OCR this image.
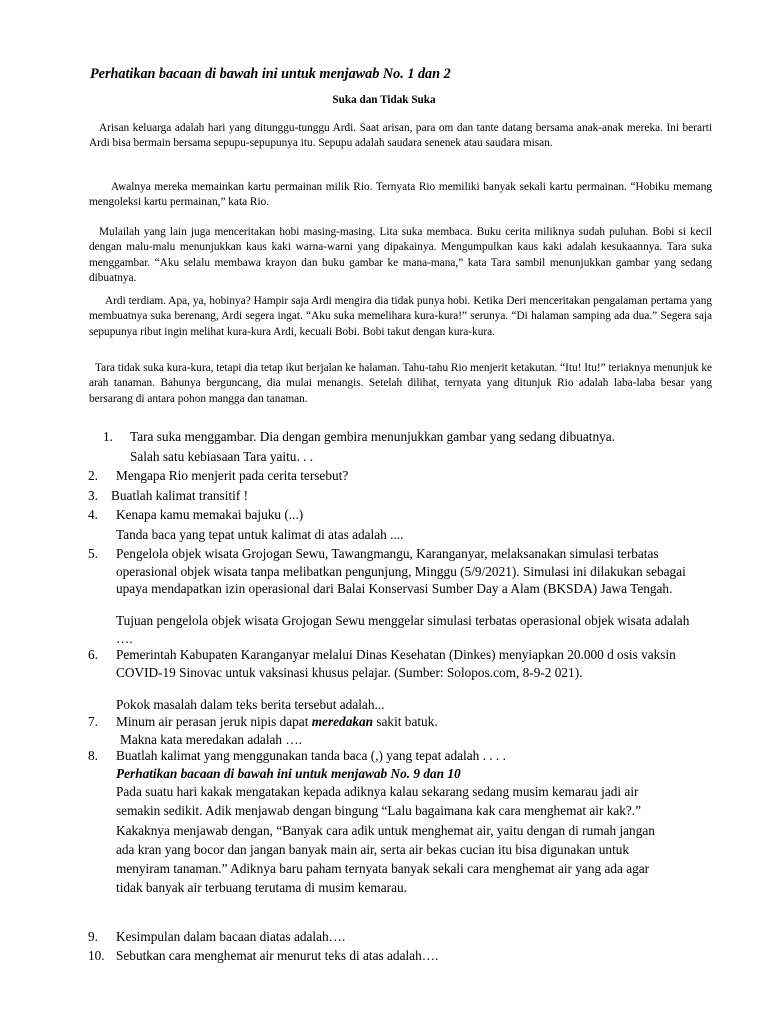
Perhatikan bacaan di bawah ini untuk menjawab No. 1 dan 2
Suka dan Tidak Suka

Arisan keluarga adalah hari yang ditunggu-tunggu Ardi. Saat arisan, para om dan tante datang bersama anak-anak mereka. Ini berarti Ardi bisa bermain bersama sepupu-sepupunya itu. Sepupu adalah saudara senenek atau saudara misan.

Awalnya mereka memainkan kartu permainan milik Rio. Ternyata Rio memiliki banyak sekali kartu permainan. “Hobiku memang mengoleksi kartu permainan,” kata Rio.

Mulailah yang lain juga menceritakan hobi masing-masing. Lita suka membaca. Buku cerita miliknya sudah puluhan. Bobi si kecil dengan malu-malu menunjukkan kaus kaki warna-warni yang dipakainya. Mengumpulkan kaus kaki adalah kesukaannya. Tara suka menggambar. “Aku selalu membawa krayon dan buku gambar ke mana-mana,” kata Tara sambil menunjukkan gambar yang sedang dibuatnya.

Ardi terdiam. Apa, ya, hobinya? Hampir saja Ardi mengira dia tidak punya hobi. Ketika Deri menceritakan pengalaman pertama yang membuatnya suka berenang, Ardi segera ingat. “Aku suka memelihara kura-kura!” serunya. “Di halaman samping ada dua.” Segera saja sepupunya ribut ingin melihat kura-kura Ardi, kecuali Bobi. Bobi takut dengan kura-kura.

Tara tidak suka kura-kura, tetapi dia tetap ikut berjalan ke halaman. Tahu-tahu Rio menjerit ketakutan. “Itu! Itu!” teriaknya menunjuk ke arah tanaman. Bahunya berguncang, dia mulai menangis. Setelah dilihat, ternyata yang ditunjuk Rio adalah laba-laba besar yang bersarang di antara pohon mangga dan tanaman.

1. Tara suka menggambar. Dia dengan gembira menunjukkan gambar yang sedang dibuatnya.
Salah satu kebiasaan Tara yaitu. . .
2. Mengapa Rio menjerit pada cerita tersebut?
3. Buatlah kalimat transitif !
4. Kenapa kamu memakai bajuku (...)
Tanda baca yang tepat untuk kalimat di atas adalah ....
5. Pengelola objek wisata Grojogan Sewu, Tawangmangu, Karanganyar, melaksanakan simulasi terbatas operasional objek wisata tanpa melibatkan pengunjung, Minggu (5/9/2021). Simulasi ini dilakukan sebagai upaya mendapatkan izin operasional dari Balai Konservasi Sumber Day a Alam (BKSDA) Jawa Tengah.
Tujuan pengelola objek wisata Grojogan Sewu menggelar simulasi terbatas operasional objek wisata adalah ….
6. Pemerintah Kabupaten Karanganyar melalui Dinas Kesehatan (Dinkes) menyiapkan 20.000 d osis vaksin COVID-19 Sinovac untuk vaksinasi khusus pelajar. (Sumber: Solopos.com, 8-9-2 021).
Pokok masalah dalam teks berita tersebut adalah...
7. Minum air perasan jeruk nipis dapat meredakan sakit batuk.
Makna kata meredakan adalah ….
8. Buatlah kalimat yang menggunakan tanda baca (,) yang tepat adalah . . . .
Perhatikan bacaan di bawah ini untuk menjawab No. 9 dan 10
Pada suatu hari kakak mengatakan kepada adiknya kalau sekarang sedang musim kemarau jadi air semakin sedikit. Adik menjawab dengan bingung “Lalu bagaimana kak cara menghemat air kak?.” Kakaknya menjawab dengan, “Banyak cara adik untuk menghemat air, yaitu dengan di rumah jangan ada kran yang bocor dan jangan banyak main air, serta air bekas cucian itu bisa digunakan untuk menyiram tanaman.” Adiknya baru paham ternyata banyak sekali cara menghemat air yang ada agar tidak banyak air terbuang terutama di musim kemarau.
9. Kesimpulan dalam bacaan diatas adalah….
10. Sebutkan cara menghemat air menurut teks di atas adalah….
